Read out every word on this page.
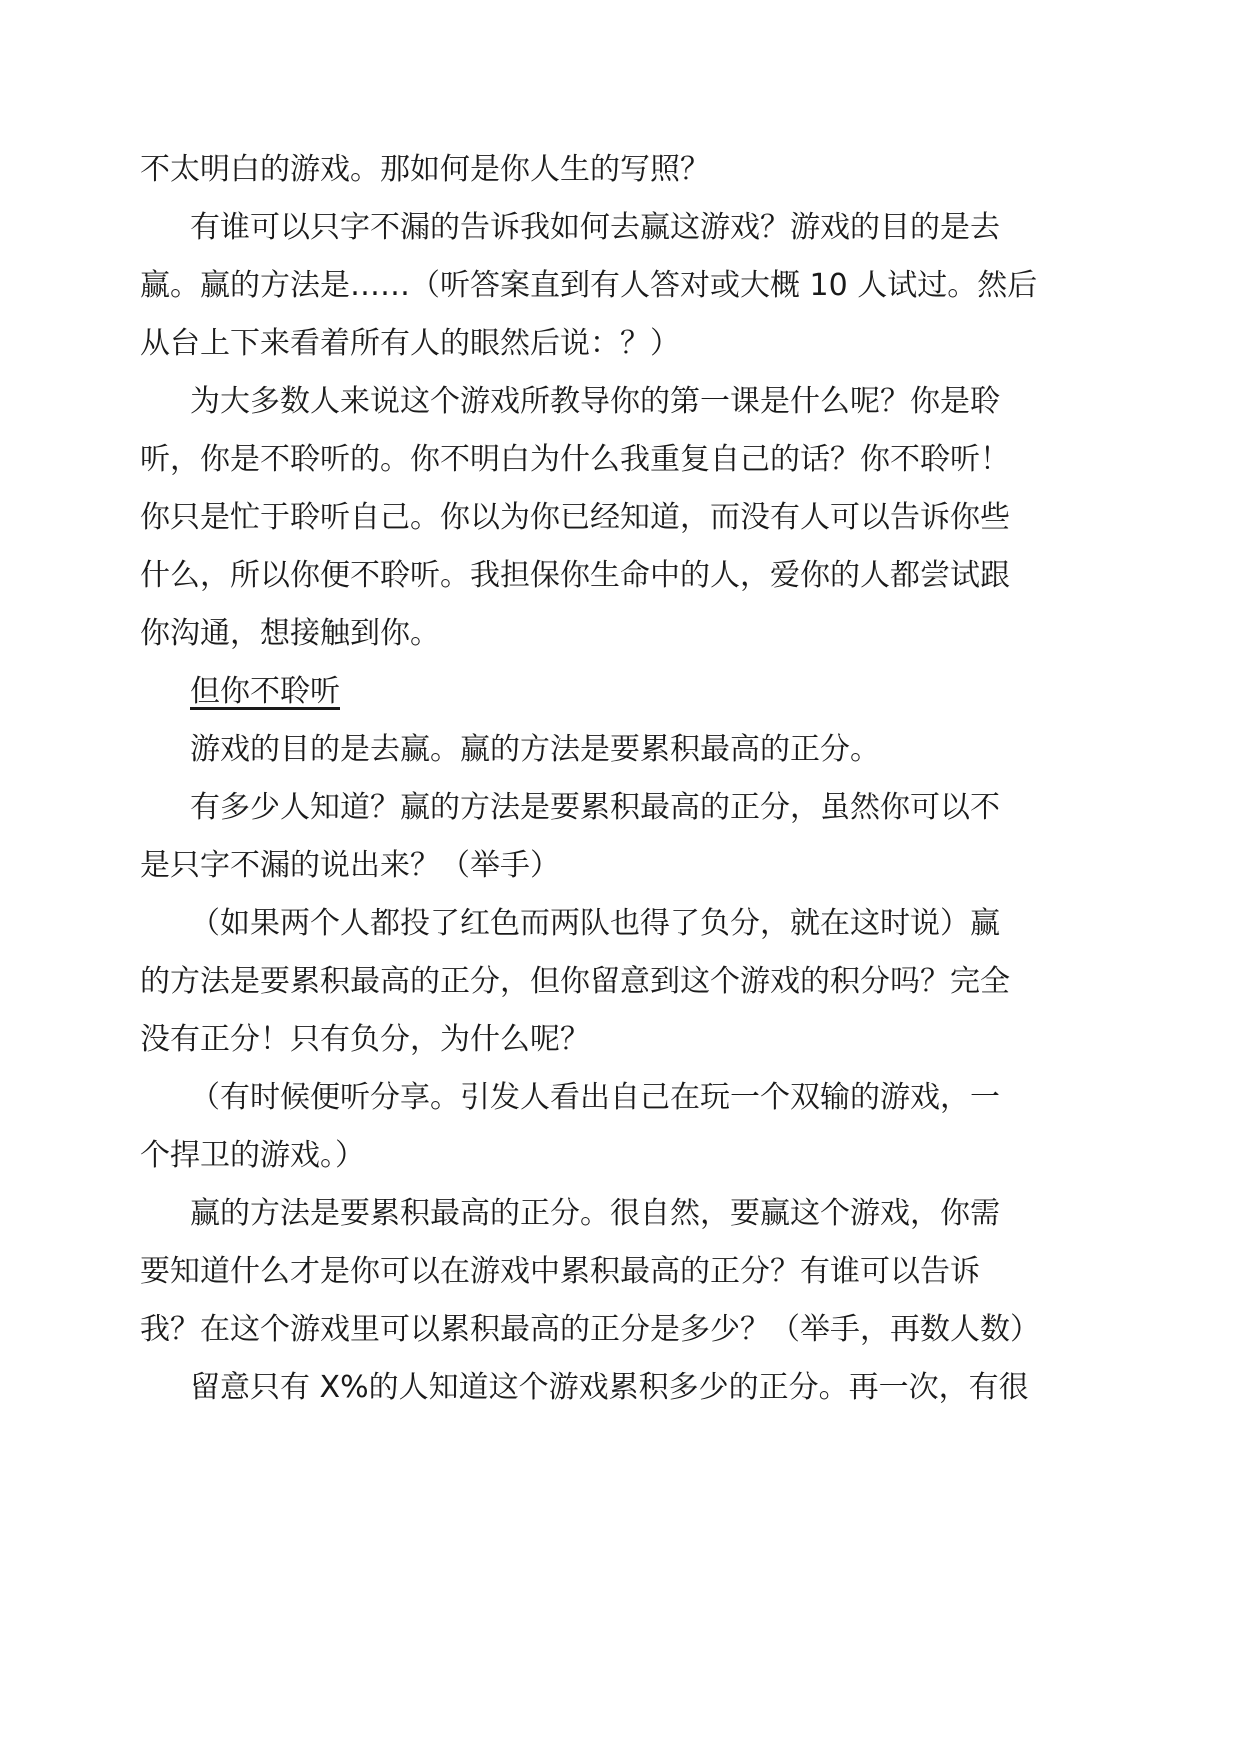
不太明白的游戏。那如何是你人生的写照？
有谁可以只字不漏的告诉我如何去赢这游戏？游戏的目的是去
赢。赢的方法是……（听答案直到有人答对或大概 10 人试过。然后
从台上下来看着所有人的眼然后说：？）
为大多数人来说这个游戏所教导你的第一课是什么呢？你是聆
听，你是不聆听的。你不明白为什么我重复自己的话？你不聆听！
你只是忙于聆听自己。你以为你已经知道，而没有人可以告诉你些
什么，所以你便不聆听。我担保你生命中的人，爱你的人都尝试跟
你沟通，想接触到你。
但你不聆听
游戏的目的是去赢。赢的方法是要累积最高的正分。
有多少人知道？赢的方法是要累积最高的正分，虽然你可以不
是只字不漏的说出来？（举手）
（如果两个人都投了红色而两队也得了负分，就在这时说）赢
的方法是要累积最高的正分，但你留意到这个游戏的积分吗？完全
没有正分！只有负分，为什么呢？
（有时候便听分享。引发人看出自己在玩一个双输的游戏，一
个捍卫的游戏。）
赢的方法是要累积最高的正分。很自然，要赢这个游戏，你需
要知道什么才是你可以在游戏中累积最高的正分？有谁可以告诉
我？在这个游戏里可以累积最高的正分是多少？（举手，再数人数）
留意只有 X%的人知道这个游戏累积多少的正分。再一次，有很
